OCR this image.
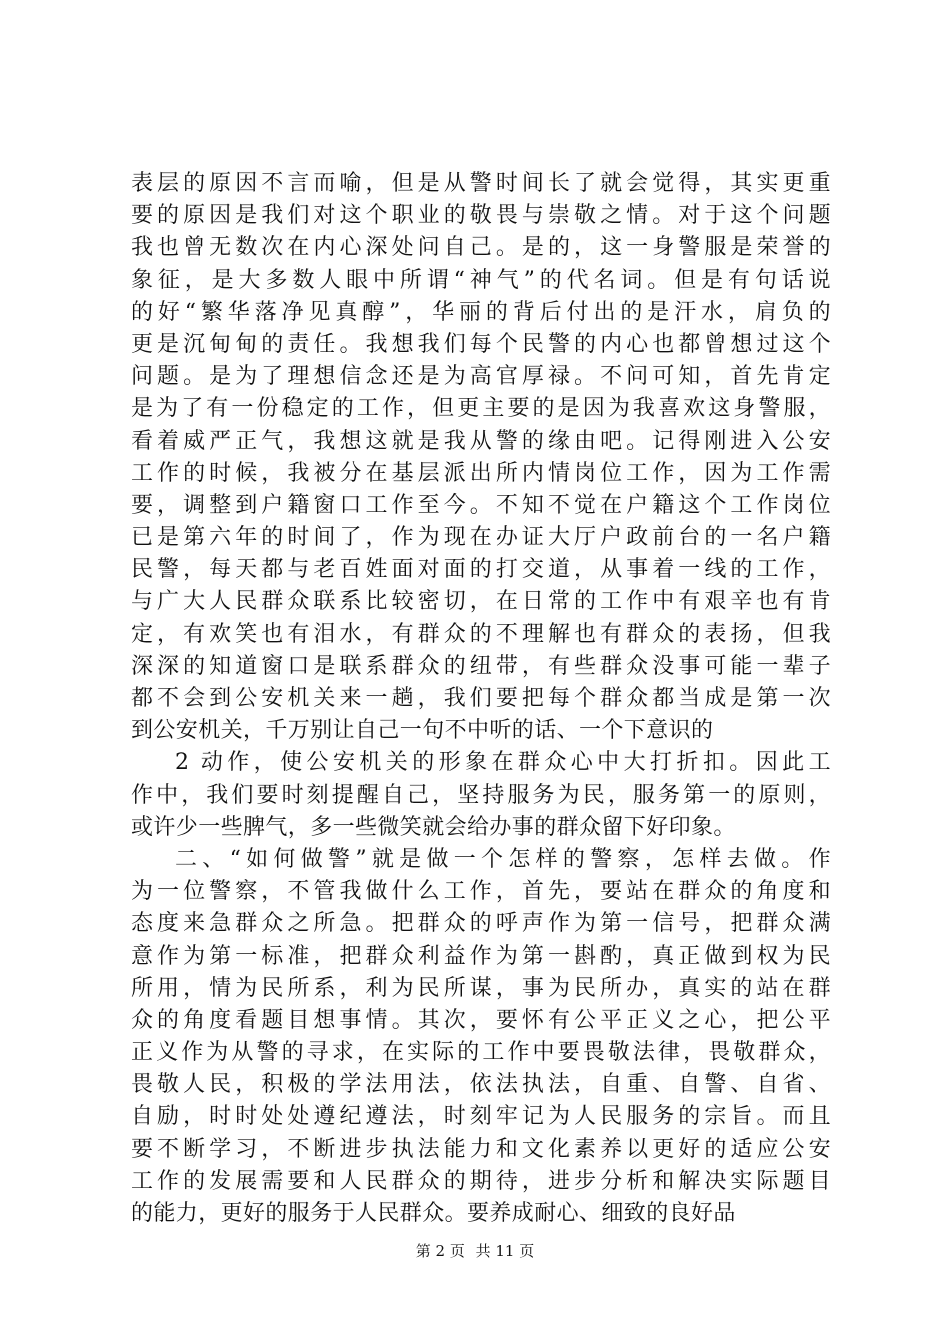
表层的原因不言而喻，但是从警时间长了就会觉得，其实更重
要的原因是我们对这个职业的敬畏与崇敬之情。对于这个问题
我也曾无数次在内心深处问自己。是的，这一身警服是荣誉的
象征，是大多数人眼中所谓“神气”的代名词。但是有句话说
的好“繁华落净见真醇”，华丽的背后付出的是汗水，肩负的
更是沉甸甸的责任。我想我们每个民警的内心也都曾想过这个
问题。是为了理想信念还是为高官厚禄。不问可知，首先肯定
是为了有一份稳定的工作，但更主要的是因为我喜欢这身警服，
看着威严正气，我想这就是我从警的缘由吧。记得刚进入公安
工作的时候，我被分在基层派出所内情岗位工作，因为工作需
要，调整到户籍窗口工作至今。不知不觉在户籍这个工作岗位
已是第六年的时间了，作为现在办证大厅户政前台的一名户籍
民警，每天都与老百姓面对面的打交道，从事着一线的工作，
与广大人民群众联系比较密切，在日常的工作中有艰辛也有肯
定，有欢笑也有泪水，有群众的不理解也有群众的表扬，但我
深深的知道窗口是联系群众的纽带，有些群众没事可能一辈子
都不会到公安机关来一趟，我们要把每个群众都当成是第一次
到公安机关，千万别让自己一句不中听的话、一个下意识的
2 动作，使公安机关的形象在群众心中大打折扣。因此工
作中，我们要时刻提醒自己，坚持服务为民，服务第一的原则，
或许少一些脾气，多一些微笑就会给办事的群众留下好印象。
二、“如何做警”就是做一个怎样的警察，怎样去做。作
为一位警察，不管我做什么工作，首先，要站在群众的角度和
态度来急群众之所急。把群众的呼声作为第一信号，把群众满
意作为第一标准，把群众利益作为第一斟酌，真正做到权为民
所用，情为民所系，利为民所谋，事为民所办，真实的站在群
众的角度看题目想事情。其次，要怀有公平正义之心，把公平
正义作为从警的寻求，在实际的工作中要畏敬法律，畏敬群众，
畏敬人民，积极的学法用法，依法执法，自重、自警、自省、
自励，时时处处遵纪遵法，时刻牢记为人民服务的宗旨。而且
要不断学习，不断进步执法能力和文化素养以更好的适应公安
工作的发展需要和人民群众的期待，进步分析和解决实际题目
的能力，更好的服务于人民群众。要养成耐心、细致的良好品
第 2 页 共 11 页
